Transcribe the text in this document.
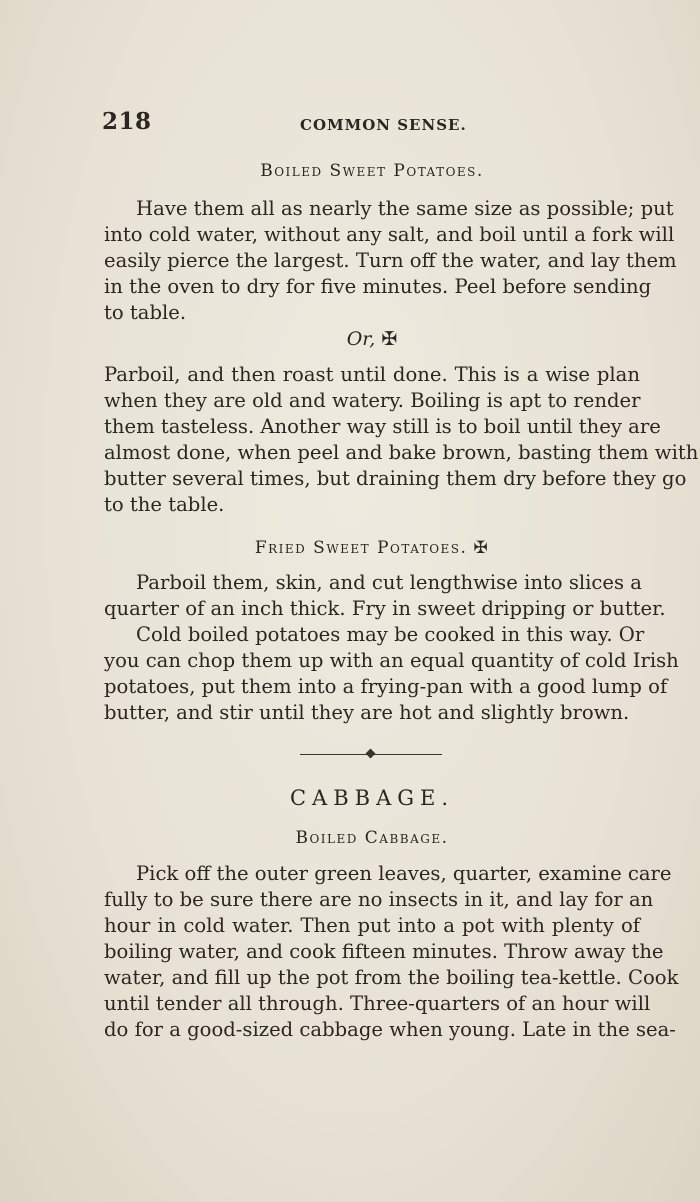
218	COMMON SENSE.
Boiled Sweet Potatoes.
Have them all as nearly the same size as possible; put
into cold water, without any salt, and boil until a fork will
easily pierce the largest. Turn off the water, and lay them
in the oven to dry for five minutes. Peel before sending
to table.
Or, ✠
Parboil, and then roast until done. This is a wise plan
when they are old and watery. Boiling is apt to render
them tasteless. Another way still is to boil until they are
almost done, when peel and bake brown, basting them with
butter several times, but draining them dry before they go
to the table.
Fried Sweet Potatoes. ✠
Parboil them, skin, and cut lengthwise into slices a
quarter of an inch thick. Fry in sweet dripping or butter.
Cold boiled potatoes may be cooked in this way. Or
you can chop them up with an equal quantity of cold Irish
potatoes, put them into a frying-pan with a good lump of
butter, and stir until they are hot and slightly brown.
CABBAGE.
Boiled Cabbage.
Pick off the outer green leaves, quarter, examine care
fully to be sure there are no insects in it, and lay for an
hour in cold water. Then put into a pot with plenty of
boiling water, and cook fifteen minutes. Throw away the
water, and fill up the pot from the boiling tea-kettle. Cook
until tender all through. Three-quarters of an hour will
do for a good-sized cabbage when young. Late in the sea-
